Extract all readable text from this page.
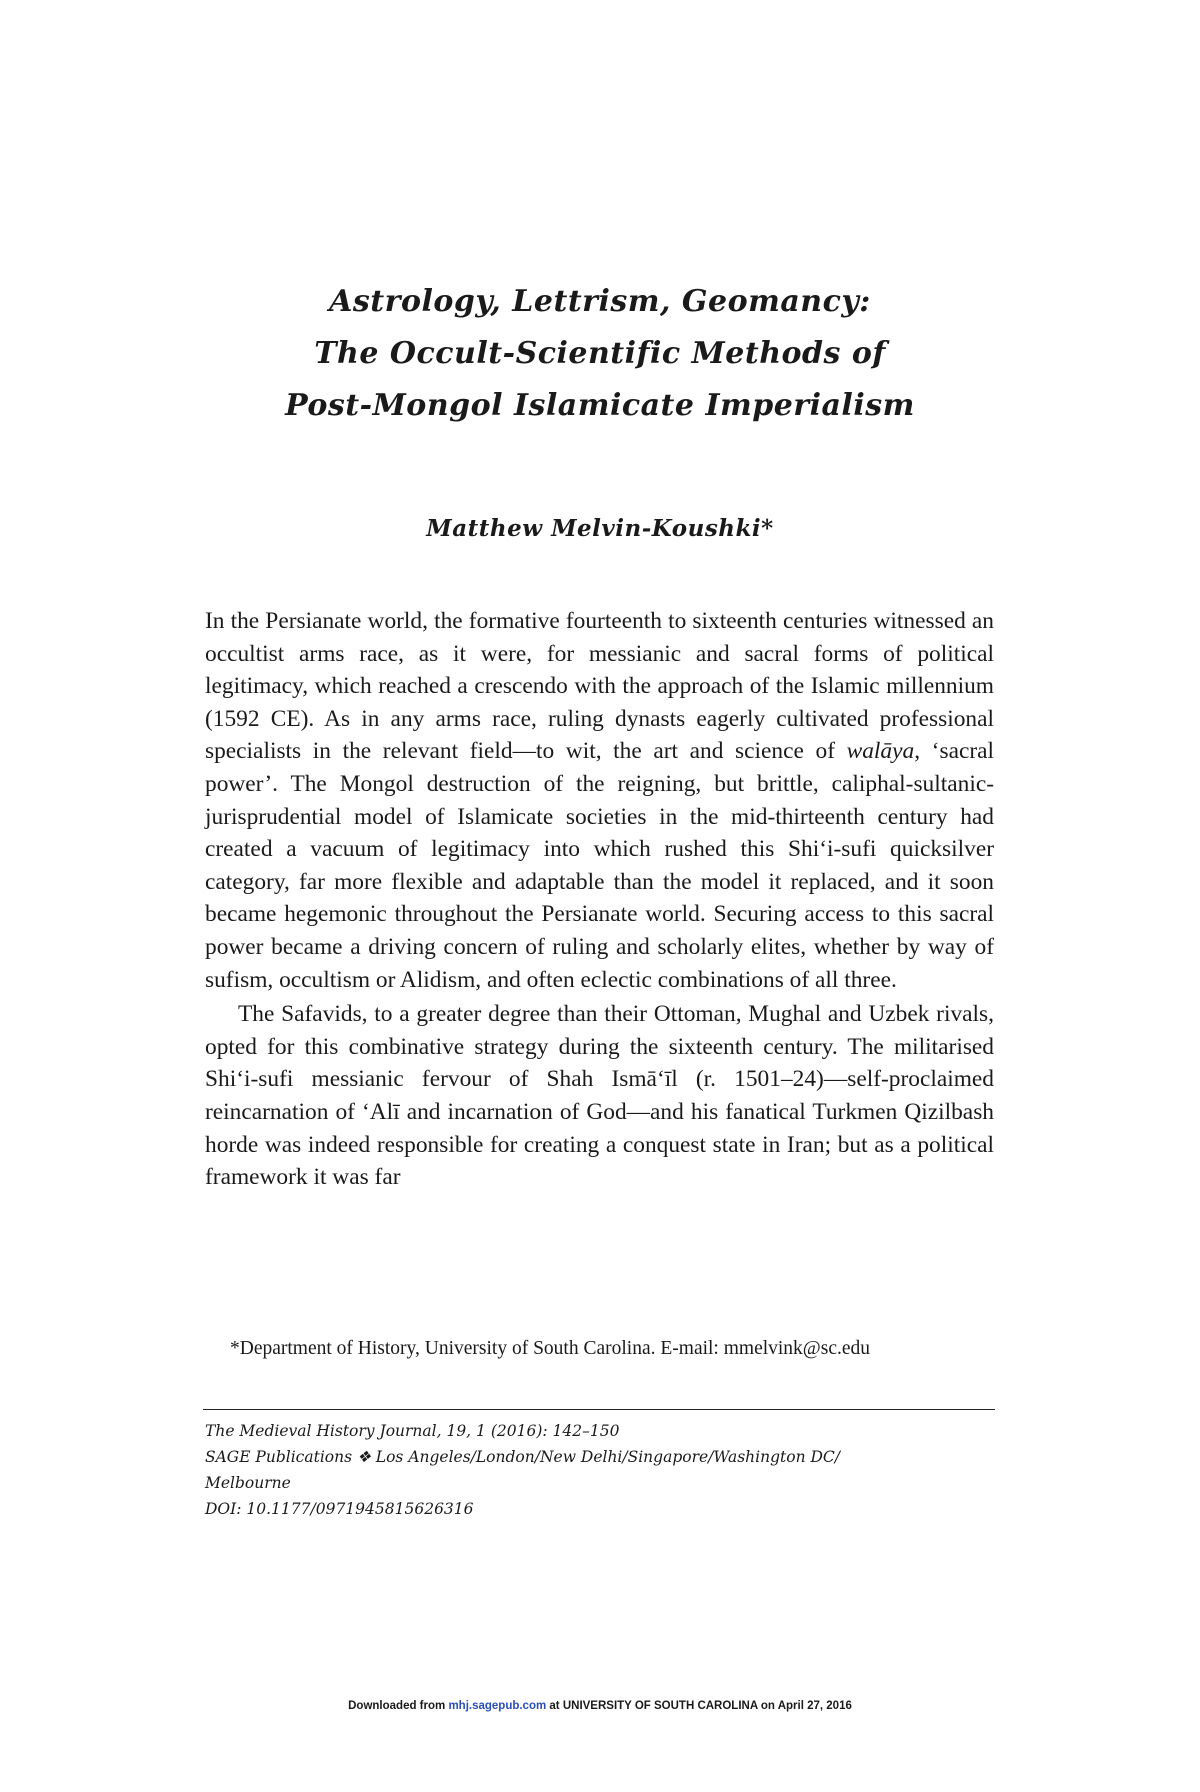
Astrology, Lettrism, Geomancy:
The Occult-Scientific Methods of
Post-Mongol Islamicate Imperialism
Matthew Melvin-Koushki*

In the Persianate world, the formative fourteenth to sixteenth centuries witnessed an occultist arms race, as it were, for messianic and sacral forms of political legitimacy, which reached a crescendo with the approach of the Islamic millennium (1592 CE). As in any arms race, ruling dynasts eagerly cultivated professional specialists in the relevant field—to wit, the art and science of walāya, ‘sacral power’. The Mongol destruction of the reigning, but brittle, caliphal-sultanic-jurisprudential model of Islamicate societies in the mid-thirteenth century had created a vacuum of legitimacy into which rushed this Shi‘i-sufi quicksilver category, far more flexible and adaptable than the model it replaced, and it soon became hegemonic throughout the Persianate world. Securing access to this sacral power became a driving concern of ruling and scholarly elites, whether by way of sufism, occultism or Alidism, and often eclectic combinations of all three.

The Safavids, to a greater degree than their Ottoman, Mughal and Uzbek rivals, opted for this combinative strategy during the sixteenth century. The militarised Shi‘i-sufi messianic fervour of Shah Ismā‘īl (r. 1501–24)—self-proclaimed reincarnation of ‘Alī and incarnation of God—and his fanatical Turkmen Qizilbash horde was indeed responsible for creating a conquest state in Iran; but as a political framework it was far

*Department of History, University of South Carolina. E-mail: mmelvink@sc.edu
The Medieval History Journal, 19, 1 (2016): 142–150
SAGE Publications ❖ Los Angeles/London/New Delhi/Singapore/Washington DC/
Melbourne
DOI: 10.1177/0971945815626316
Downloaded from mhj.sagepub.com at UNIVERSITY OF SOUTH CAROLINA on April 27, 2016
